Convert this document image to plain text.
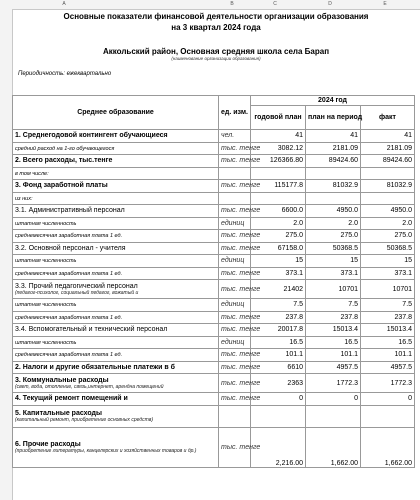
A	B	C	D	E
Основные показатели финансовой деятельности организации образования
на 3 квартал 2024 года
Аккольский район, Основная средняя школа села Барап
(наименование организации образования)
Периодичность: ежеквартально
Среднее образование	ед. изм.	2024 год		
		годовой план	план на период	факт
1. Среднегодовой контингент обучающиеся	чел.	41	41	41
средний расход на 1-го обучающегося	тыс. тенге	3082.12	2181.09	2181.09
2. Всего расходы, тыс.тенге	тыс. тенге	126366.80	89424.60	89424.60
в том числе:				
3. Фонд заработной платы	тыс. тенге	115177.8	81032.9	81032.9
из них:				
3.1. Административный персонал	тыс. тенге	6600.0	4950.0	4950.0
штатная численность	единиц	2.0	2.0	2.0
среднемесячная заработная плата 1 ед.	тыс. тенге	275.0	275.0	275.0
3.2. Основной персонал - учителя	тыс. тенге	67158.0	50368.5	50368.5
штатная численность	единиц	15	15	15
среднемесячная заработная плата 1 ед.	тыс. тенге	373.1	373.1	373.1
3.3. Прочий педагогический персонал
(педагог-психолог, социальный педагог, вожатый и	тыс. тенге	21402	10701	10701
штатная численность	единиц	7.5	7.5	7.5
среднемесячная заработная плата 1 ед.	тыс. тенге	237.8	237.8	237.8
3.4. Вспомогательный и технический персонал	тыс. тенге	20017.8	15013.4	15013.4
штатная численность	единиц	16.5	16.5	16.5
среднемесячная заработная плата 1 ед.	тыс. тенге	101.1	101.1	101.1
2. Налоги и другие обязательные платежи в б	тыс. тенге	6610	4957.5	4957.5
3. Коммунальные расходы
(свет, вода, отопление, связь,интернет, арендна помещений	тыс. тенге	2363	1772.3	1772.3
4. Текущий ремонт помещений и	тыс. тенге	0	0	0
5. Капитальные расходы
(капитальный ремонт, приобретение основных средств)				

6. Прочие расходы
(приобретение литературы, канцелярских и хозяйственных товаров и др.)	тыс. тенге	2,216.00	1,662.00	1,662.00
